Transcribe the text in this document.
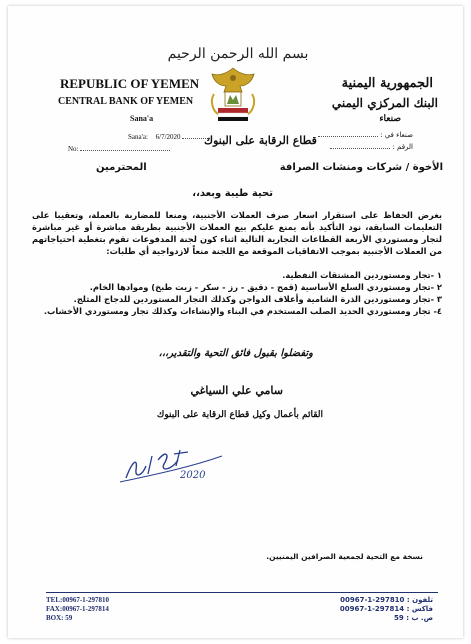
بسم الله الرحمن الرحيم
REPUBLIC OF YEMEN
CENTRAL BANK OF YEMEN
Sana'a
Sana'a: 6/7/2020
No:
الجمهورية اليمنية
البنك المركزي اليمني
صنعاء
صنعاء في :
الرقم :
قطاع الرقابة على البنوك
الأخوة / شركات ومنشات الصرافة
المحترمين
تحية طيبة وبعد،،
بغرض الحفاظ على استقرار اسعار صرف العملات الأجنبية، ومنعا للمضاربة بالعملة، وتعقيبا على التعليمات السابقة، نود التأكيد بأنه يمنع عليكم بيع العملات الأجنبية بطريقة مباشرة أو غير مباشرة لتجار ومستوردي الأربعة القطاعات التجارية التالية اثناء كون لجنة المدفوعات تقوم بتغطية احتياجاتهم من العملات الأجنبية بموجب الاتفاقيات الموقعة مع اللجنة منعاً لازدواجية أي طلبات:
١ -تجار ومستوردين المشتقات النفطية.
٢ -تجار ومستوردي السلع الأساسية (قمح - دقيق - رز - سكر - زيت طبخ) وموادها الخام.
٣ -تجار ومستوردين الذرة الشامية وأعلاف الدواجن وكذلك التجار المستوردين للدجاج المثلج.
٤- تجار ومستوردي الحديد الصلب المستخدم في البناء والإنشاءات وكذلك تجار ومستوردي الأخشاب.
وتفضلوا بقبول فائق التحية والتقدير،،،
سامي علي السياغي
القائم بأعمال وكيل قطاع الرقابة على البنوك
2020
نسخة مع التحية لجمعية الصرافين اليمنيين.
TEL:00967-1-297810
FAX:00967-1-297814
BOX: 59
تلفون : 297810-1-00967
فاكس : 297814-1-00967
ص. ب : 59
